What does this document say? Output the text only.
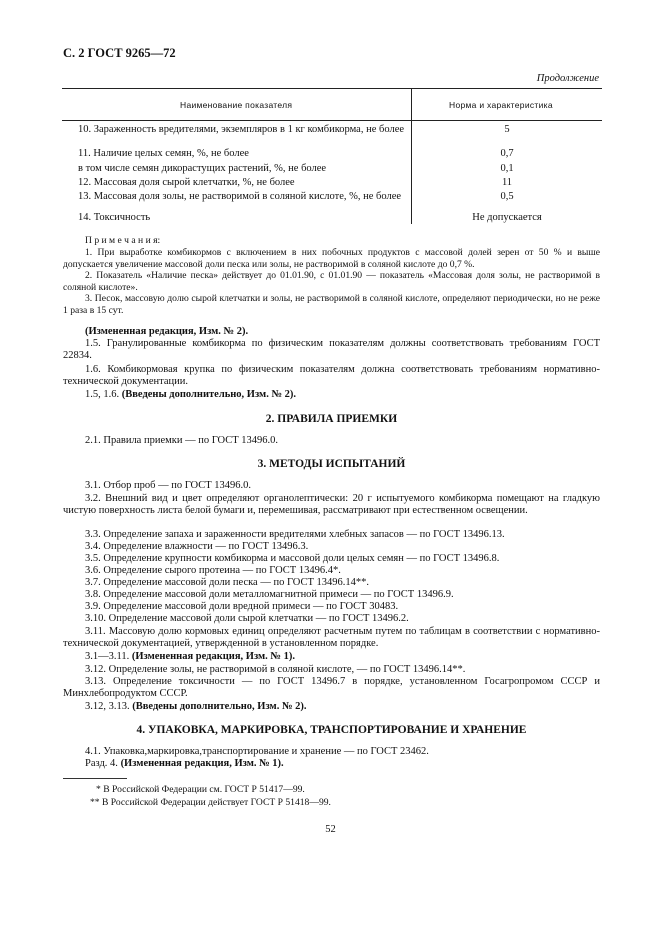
С. 2 ГОСТ 9265—72
Продолжение
Наименование показателя	Норма и характеристика
10. Зараженность вредителями, экземпляров в 1 кг комбикорма, не более	5
11. Наличие целых семян, %, не более	0,7
в том числе семян дикорастущих растений, %, не более	0,1
12. Массовая доля сырой клетчатки, %, не более	11
13. Массовая доля золы, не растворимой в соляной кислоте, %, не более	0,5
14. Токсичность	Не допускается
П р и м е ч а н и я:
1. При выработке комбикормов с включением в них побочных продуктов с массовой долей зерен от 50 % и выше допускается увеличение массовой доли песка или золы, не растворимой в соляной кислоте до 0,7 %.
2. Показатель «Наличие песка» действует до 01.01.90, с 01.01.90 — показатель «Массовая доля золы, не растворимой в соляной кислоте».
3. Песок, массовую долю сырой клетчатки и золы, не растворимой в соляной кислоте, определяют периодически, но не реже 1 раза в 15 сут.
(Измененная редакция, Изм. № 2).
1.5. Гранулированные комбикорма по физическим показателям должны соответствовать требованиям ГОСТ 22834.
1.6. Комбикормовая крупка по физическим показателям должна соответствовать требованиям нормативно-технической документации.
1.5, 1.6. (Введены дополнительно, Изм. № 2).
2. ПРАВИЛА ПРИЕМКИ
2.1. Правила приемки — по ГОСТ 13496.0.
3. МЕТОДЫ ИСПЫТАНИЙ
3.1. Отбор проб — по ГОСТ 13496.0.
3.2. Внешний вид и цвет определяют органолептически: 20 г испытуемого комбикорма помещают на гладкую чистую поверхность листа белой бумаги и, перемешивая, рассматривают при естественном освещении.
3.3. Определение запаха и зараженности вредителями хлебных запасов — по ГОСТ 13496.13.
3.4. Определение влажности — по ГОСТ 13496.3.
3.5. Определение крупности комбикорма и массовой доли целых семян — по ГОСТ 13496.8.
3.6. Определение сырого протеина — по ГОСТ 13496.4*.
3.7. Определение массовой доли песка — по ГОСТ 13496.14**.
3.8. Определение массовой доли металломагнитной примеси — по ГОСТ 13496.9.
3.9. Определение массовой доли вредной примеси — по ГОСТ 30483.
3.10. Определение массовой доли сырой клетчатки — по ГОСТ 13496.2.
3.11. Массовую долю кормовых единиц определяют расчетным путем по таблицам в соответствии с нормативно-технической документацией, утвержденной в установленном порядке.
3.1—3.11. (Измененная редакция, Изм. № 1).
3.12. Определение золы, не растворимой в соляной кислоте, — по ГОСТ 13496.14**.
3.13. Определение токсичности — по ГОСТ 13496.7 в порядке, установленном Госагропромом СССР и Минхлебопродуктом СССР.
3.12, 3.13. (Введены дополнительно, Изм. № 2).
4. УПАКОВКА, МАРКИРОВКА, ТРАНСПОРТИРОВАНИЕ И ХРАНЕНИЕ
4.1. Упаковка,маркировка,транспортирование и хранение — по ГОСТ 23462.
Разд. 4. (Измененная редакция, Изм. № 1).
* В Российской Федерации см. ГОСТ Р 51417—99.
** В Российской Федерации действует ГОСТ Р 51418—99.
52
